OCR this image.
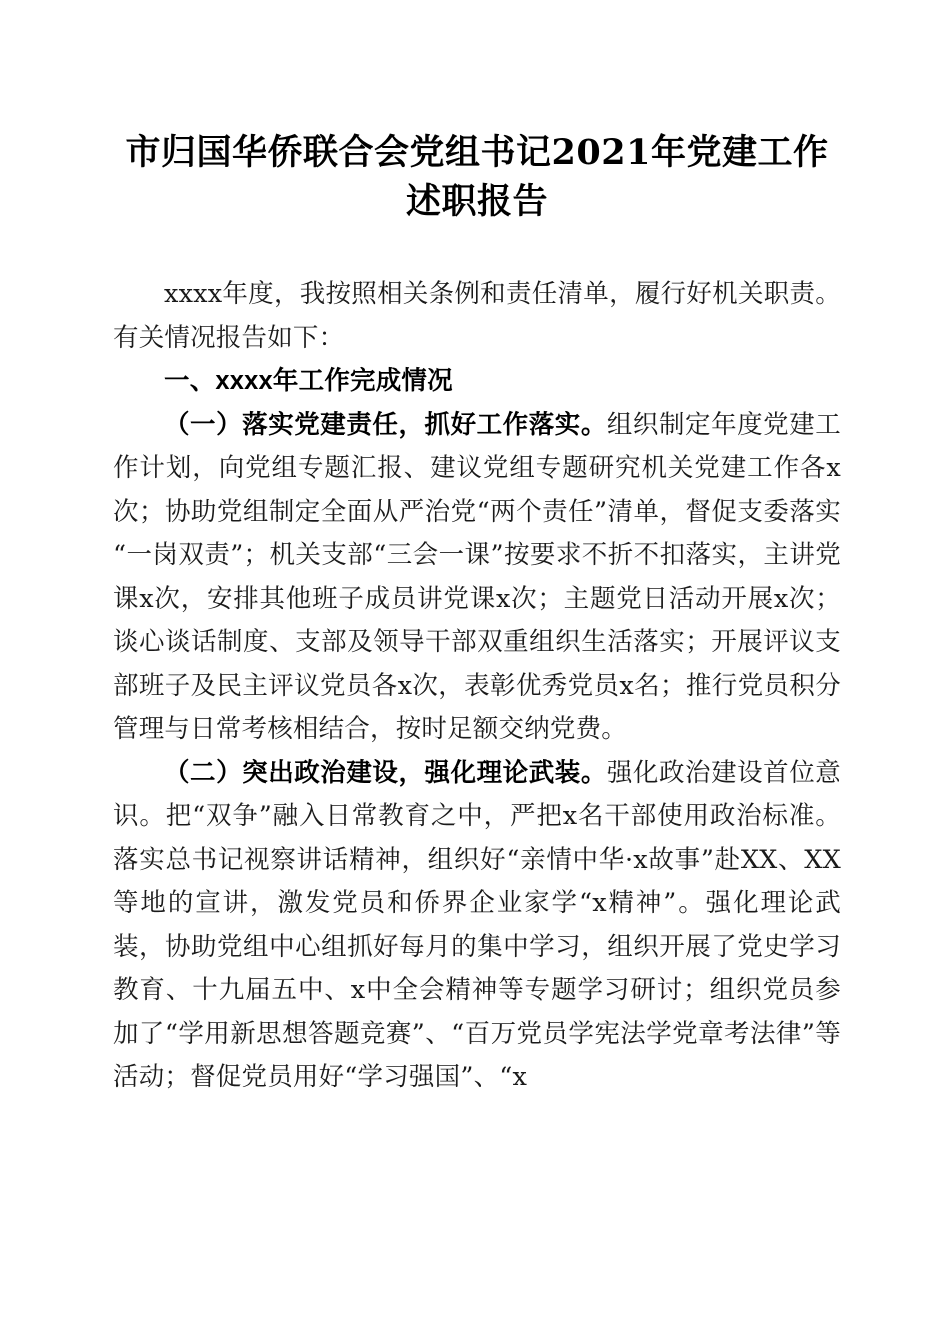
市归国华侨联合会党组书记2021年党建工作
述职报告

xxxx年度，我按照相关条例和责任清单，履行好机关职责。有关情况报告如下：

一、xxxx年工作完成情况

（一）落实党建责任，抓好工作落实。组织制定年度党建工作计划，向党组专题汇报、建议党组专题研究机关党建工作各x次；协助党组制定全面从严治党“两个责任”清单，督促支委落实“一岗双责”；机关支部“三会一课”按要求不折不扣落实，主讲党课x次，安排其他班子成员讲党课x次；主题党日活动开展x次；谈心谈话制度、支部及领导干部双重组织生活落实；开展评议支部班子及民主评议党员各x次，表彰优秀党员x名；推行党员积分管理与日常考核相结合，按时足额交纳党费。

（二）突出政治建设，强化理论武装。强化政治建设首位意识。把“双争”融入日常教育之中，严把x名干部使用政治标准。落实总书记视察讲话精神，组织好“亲情中华·x故事”赴XX、XX等地的宣讲，激发党员和侨界企业家学“x精神”。强化理论武装，协助党组中心组抓好每月的集中学习，组织开展了党史学习教育、十九届五中、x中全会精神等专题学习研讨；组织党员参加了“学用新思想答题竞赛”、“百万党员学宪法学党章考法律”等活动；督促党员用好“学习强国”、“x
